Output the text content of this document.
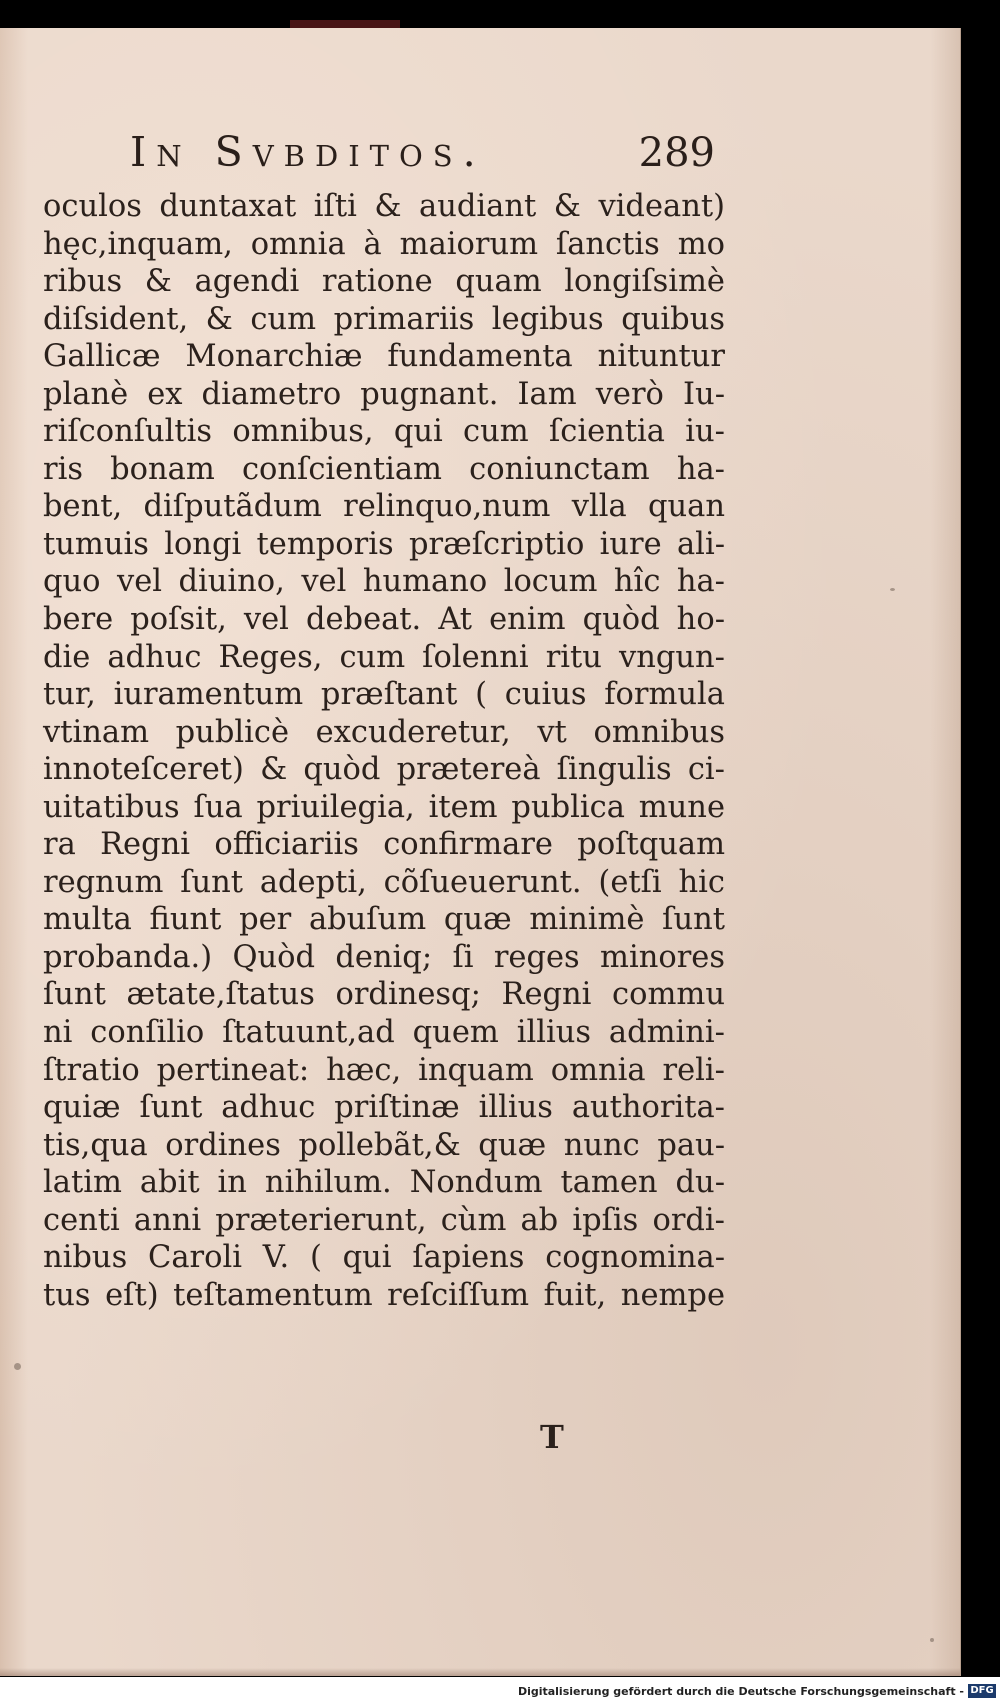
In Svbditos.	289
oculos duntaxat iſti & audiant & videant)
hęc,inquam, omnia à maiorum ſanctis mo
ribus & agendi ratione quam longiſsimè
diſsident, & cum primariis legibus quibus
Gallicæ Monarchiæ fundamenta nituntur
planè ex diametro pugnant. Iam verò Iu-
riſconſultis omnibus, qui cum ſcientia iu-
ris bonam conſcientiam coniunctam ha-
bent, diſputãdum relinquo,num vlla quan
tumuis longi temporis præſcriptio iure ali-
quo vel diuino, vel humano locum hîc ha-
bere poſsit, vel debeat. At enim quòd ho-
die adhuc Reges, cum ſolenni ritu vngun-
tur, iuramentum præſtant ( cuius formula
vtinam publicè excuderetur, vt omnibus
innoteſceret) & quòd prætereà ſingulis ci-
uitatibus ſua priuilegia, item publica mune
ra Regni officiariis confirmare poſtquam
regnum ſunt adepti, cõſueuerunt. (etſi hic
multa fiunt per abuſum quæ minimè ſunt
probanda.) Quòd deniq; ſi reges minores
ſunt ætate,ſtatus ordinesq; Regni commu
ni conſilio ſtatuunt,ad quem illius admini-
ſtratio pertineat: hæc, inquam omnia reli-
quiæ ſunt adhuc priſtinæ illius authorita-
tis,qua ordines pollebãt,& quæ nunc pau-
latim abit in nihilum. Nondum tamen du-
centi anni præterierunt, cùm ab ipſis ordi-
nibus Caroli V. ( qui ſapiens cognomina-
tus eſt) teſtamentum reſciſſum fuit, nempe
T
Digitalisierung gefördert durch die Deutsche Forschungsgemeinschaft - DFG
